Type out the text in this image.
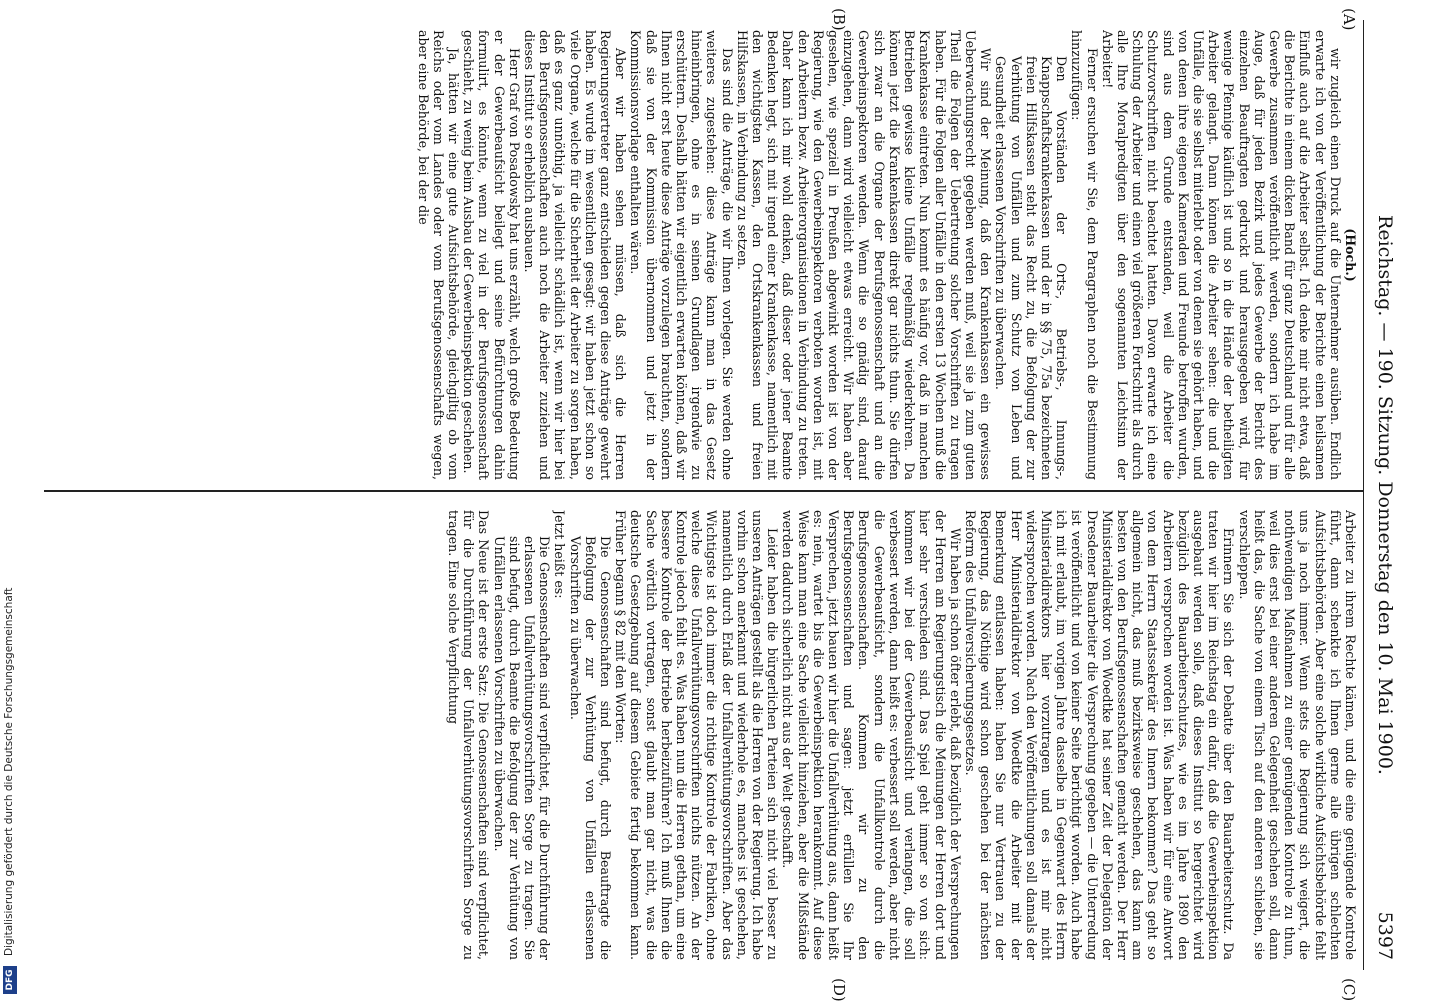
Reichstag. — 190. Sitzung. Donnerstag den 10. Mai 1900.
5397
(A)
(B)
(C)
(D)

(Hoch.)

wir zugleich einen Druck auf die Unternehmer ausüben. Endlich erwarte ich von der Veröffentlichung der Berichte einen heilsamen Einfluß auch auf die Arbeiter selbst. Ich denke mir nicht etwa, daß die Berichte in einem dicken Band für ganz Deutschland und für alle Gewerbe zusammen veröffentlicht werden, sondern ich habe im Auge, daß für jeden Bezirk und jedes Gewerbe der Bericht des einzelnen Beauftragten gedruckt und herausgegeben wird, für wenige Pfennige käuflich ist und so in die Hände der betheiligten Arbeiter gelangt. Dann können die Arbeiter sehen: die und die Unfälle, die sie selbst miterlebt oder von denen sie gehört haben, und von denen ihre eigenen Kameraden und Freunde betroffen wurden, sind aus dem Grunde entstanden, weil die Arbeiter die Schutzvorschriften nicht beachtet hatten. Davon erwarte ich eine Schulung der Arbeiter und einen viel größeren Fortschritt als durch alle Ihre Moralpredigten über den sogenannten Leichtsinn der Arbeiter!

Ferner ersuchen wir Sie, dem Paragraphen noch die Bestimmung hinzuzufügen:

Den Vorständen der Orts-, Betriebs-, Innungs-, Knappschaftskrankenkassen und der in §§ 75, 75a bezeichneten freien Hilfskassen steht das Recht zu, die Befolgung der zur Verhütung von Unfällen und zum Schutz von Leben und Gesundheit erlassenen Vorschriften zu überwachen.

Wir sind der Meinung, daß den Krankenkassen ein gewisses Ueberwachungsrecht gegeben werden muß, weil sie ja zum guten Theil die Folgen der Uebertretung solcher Vorschriften zu tragen haben. Für die Folgen aller Unfälle in den ersten 13 Wochen muß die Krankenkasse eintreten. Nun kommt es häufig vor, daß in manchen Betrieben gewisse kleine Unfälle regelmäßig wiederkehren. Da können jetzt die Krankenkassen direkt gar nichts thun. Sie dürfen sich zwar an die Organe der Berufsgenossenschaft und an die Gewerbeinspektoren wenden. Wenn die so gnädig sind, darauf einzugehen, dann wird vielleicht etwas erreicht. Wir haben aber gesehen, wie speziell in Preußen abgewinkt worden ist von der Regierung, wie den Gewerbeinspektoren verboten worden ist, mit den Arbeitern bezw. Arbeiterorganisationen in Verbindung zu treten. Daher kann ich mir wohl denken, daß dieser oder jener Beamte Bedenken hegt, sich mit irgend einer Krankenkasse, namentlich mit den wichtigsten Kassen, den Ortskrankenkassen und freien Hilfskassen, in Verbindung zu setzen.

Das sind die Anträge, die wir Ihnen vorlegen. Sie werden ohne weiteres zugestehen: diese Anträge kann man in das Gesetz hineinbringen, ohne es in seinen Grundlagen irgendwie zu erschüttern. Deshalb hätten wir eigentlich erwarten können, daß wir Ihnen nicht erst heute diese Anträge vorzulegen brauchten, sondern daß sie von der Kommission übernommen und jetzt in der Kommissionsvorlage enthalten wären.

Aber wir haben sehen müssen, daß sich die Herren Regierungsvertreter ganz entschieden gegen diese Anträge gewehrt haben. Es wurde im wesentlichen gesagt: wir haben jetzt schon so viele Organe, welche für die Sicherheit der Arbeiter zu sorgen haben, daß es ganz unnöthig, ja vielleicht schädlich ist, wenn wir hier bei den Berufsgenossenschaften auch noch die Arbeiter zuziehen und dieses Institut so erheblich ausbauen.

Herr Graf von Posadowsky hat uns erzählt, welch große Bedeutung er der Gewerbeaufsicht beilegt und seine Befürchtungen dahin formulirt, es könnte, wenn zu viel in der Berufsgenossenschaft geschieht, zu wenig beim Ausbau der Gewerbeinspektion geschehen.

Ja, hätten wir eine gute Aufsichtsbehörde, gleichgiltig ob vom Reichs oder vom Landes oder vom Berufsgenossenschafts wegen, aber eine Behörde, bei der die

Arbeiter zu ihrem Rechte kämen, und die eine genügende Kontrole führt, dann schenkte ich Ihnen gerne alle übrigen schlechten Aufsichtsbehörden. Aber eine solche wirkliche Aufsichtsbehörde fehlt uns ja noch immer. Wenn stets die Regierung sich weigert, die nothwendigen Maßnahmen zu einer genügenden Kontrole zu thun, weil dies erst bei einer anderen Gelegenheit geschehen soll, dann heißt das, die Sache von einem Tisch auf den anderen schieben, sie verschleppen.

Erinnern Sie sich der Debatte über den Bauarbeiterschutz. Da traten wir hier im Reichstag ein dafür, daß die Gewerbeinspektion ausgebaut werden solle, daß dieses Institut so hergerichtet wird bezüglich des Bauarbeiterschutzes, wie es im Jahre 1890 den Arbeitern versprochen worden ist. Was haben wir für eine Antwort von dem Herrn Staatssekretär des Innern bekommen? Das geht so allgemein nicht, das muß bezirksweise geschehen, das kann am besten von den Berufsgenossenschaften gemacht werden. Der Herr Ministerialdirektor von Woedtke hat seiner Zeit der Delegation der Dresdener Bauarbeiter die Versprechung gegeben — die Unterredung ist veröffentlicht und von keiner Seite berichtigt worden. Auch habe ich mit erlaubt, im vorigen Jahre dasselbe in Gegenwart des Herrn Ministerialdirektors hier vorzutragen und es ist mir nicht widersprochen worden. Nach den Veröffentlichungen soll damals der Herr Ministerialdirektor von Woedtke die Arbeiter mit der Bemerkung entlassen haben: haben Sie nur Vertrauen zu der Regierung, das Nöthige wird schon geschehen bei der nächsten Reform des Unfallversicherungsgesetzes.

Wir haben ja schon öfter erlebt, daß bezüglich der Versprechungen der Herren am Regierungstisch die Meinungen der Herren dort und hier sehr verschieden sind. Das Spiel geht immer so von sich: kommen wir bei der Gewerbeaufsicht und verlangen, die soll verbessert werden, dann heißt es: verbessert soll werden, aber nicht die Gewerbeaufsicht, sondern die Unfallkontrole durch die Berufsgenossenschaften. Kommen wir zu den Berufsgenossenschaften und sagen: jetzt erfüllen Sie Ihr Versprechen, jetzt bauen wir hier die Unfallverhütung aus, dann heißt es: nein, wartet bis die Gewerbeinspektion herankommt. Auf diese Weise kann man eine Sache vielleicht hinziehen, aber die Mißstände werden dadurch sicherlich nicht aus der Welt geschafft.

Leider haben die bürgerlichen Parteien sich nicht viel besser zu unseren Anträgen gestellt als die Herren von der Regierung. Ich habe vorhin schon anerkannt und wiederhole es, manches ist geschehen, namentlich durch Erlaß der Unfallverhütungsvorschriften. Aber das Wichtigste ist doch immer die richtige Kontrole der Fabriken, ohne welche diese Unfallverhütungsvorschriften nichts nützen. An der Kontrole jedoch fehlt es. Was haben nun die Herren gethan, um eine bessere Kontrole der Betriebe herbeizuführen? Ich muß Ihnen die Sache wörtlich vortragen, sonst glaubt man gar nicht, was die deutsche Gesetzgebung auf diesem Gebiete fertig bekommen kann. Früher begann § 82 mit den Worten:

Die Genossenschaften sind befugt, durch Beauftragte die Befolgung der zur Verhütung von Unfällen erlassenen Vorschriften zu überwachen.

Jetzt heißt es:

Die Genossenschaften sind verpflichtet, für die Durchführung der erlassenen Unfallverhütungsvorschriften Sorge zu tragen. Sie sind befugt, durch Beamte die Befolgung der zur Verhütung von Unfällen erlassenen Vorschriften zu überwachen.

Das Neue ist der erste Satz: Die Genossenschaften sind verpflichtet, für die Durchführung der Unfallverhütungsvorschriften Sorge zu tragen. Eine solche Verpflichtung

DFG
Digitalisierung gefördert durch die Deutsche Forschungsgemeinschaft
